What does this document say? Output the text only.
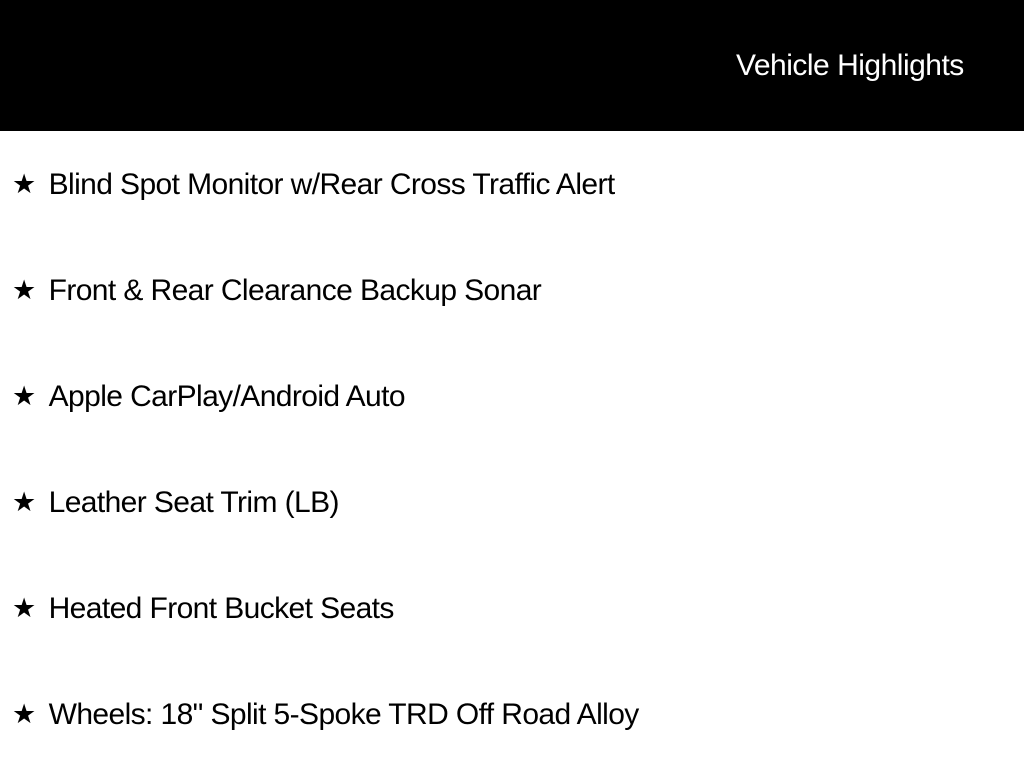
Vehicle Highlights
★ Blind Spot Monitor w/Rear Cross Traffic Alert
★ Front & Rear Clearance Backup Sonar
★ Apple CarPlay/Android Auto
★ Leather Seat Trim (LB)
★ Heated Front Bucket Seats
★ Wheels: 18" Split 5-Spoke TRD Off Road Alloy
